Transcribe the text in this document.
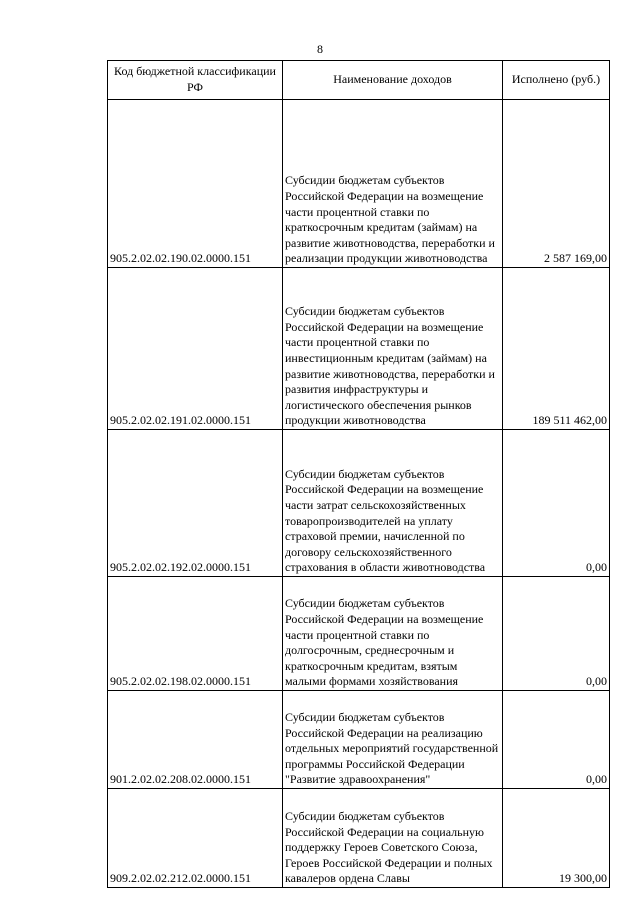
8
Код бюджетной классификации РФ	Наименование доходов	Исполнено (руб.)
905.2.02.02.190.02.0000.151	Субсидии бюджетам субъектов Российской Федерации на возмещение части процентной ставки по краткосрочным кредитам (займам) на развитие животноводства, переработки и реализации продукции животноводства	2 587 169,00
905.2.02.02.191.02.0000.151	Субсидии бюджетам субъектов Российской Федерации на возмещение части процентной ставки по инвестиционным кредитам (займам) на развитие животноводства, переработки и развития инфраструктуры и логистического обеспечения рынков продукции животноводства	189 511 462,00
905.2.02.02.192.02.0000.151	Субсидии бюджетам субъектов Российской Федерации на возмещение части затрат сельскохозяйственных товаропроизводителей на уплату страховой премии, начисленной по договору сельскохозяйственного страхования в области животноводства	0,00
905.2.02.02.198.02.0000.151	Субсидии бюджетам субъектов Российской Федерации на возмещение части процентной ставки по долгосрочным, среднесрочным и краткосрочным кредитам, взятым малыми формами хозяйствования	0,00
901.2.02.02.208.02.0000.151	Субсидии бюджетам субъектов Российской Федерации на реализацию отдельных мероприятий государственной программы Российской Федерации "Развитие здравоохранения"	0,00
909.2.02.02.212.02.0000.151	Субсидии бюджетам субъектов Российской Федерации на социальную поддержку Героев Советского Союза, Героев Российской Федерации и полных кавалеров ордена Славы	19 300,00
